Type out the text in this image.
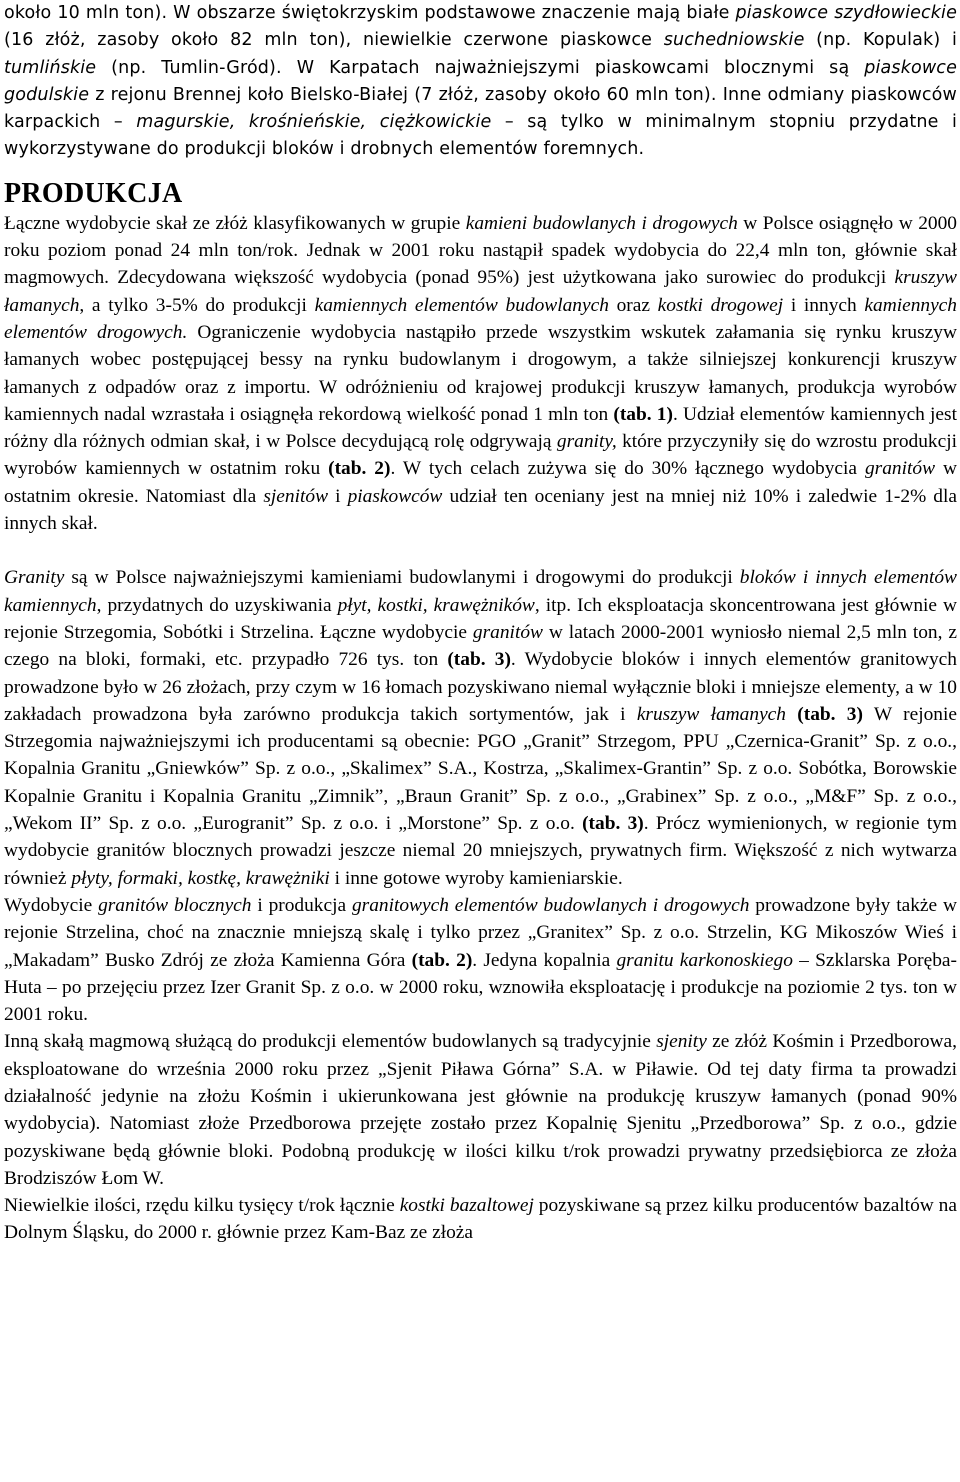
około 10 mln ton). W obszarze świętokrzyskim podstawowe znaczenie mają białe piaskowce szydłowieckie (16 złóż, zasoby około 82 mln ton), niewielkie czerwone piaskowce suchedniowskie (np. Kopulak) i tumlińskie (np. Tumlin-Gród). W Karpatach najważniejszymi piaskowcami blocznymi są piaskowce godulskie z rejonu Brennej koło Bielsko-Białej (7 złóż, zasoby około 60 mln ton). Inne odmiany piaskowców karpackich – magurskie, krośnieńskie, ciężkowickie – są tylko w minimalnym stopniu przydatne i wykorzystywane do produkcji bloków i drobnych elementów foremnych.

PRODUKCJA

Łączne wydobycie skał ze złóż klasyfikowanych w grupie kamieni budowlanych i drogowych w Polsce osiągnęło w 2000 roku poziom ponad 24 mln ton/rok. Jednak w 2001 roku nastąpił spadek wydobycia do 22,4 mln ton, głównie skał magmowych. Zdecydowana większość wydobycia (ponad 95%) jest użytkowana jako surowiec do produkcji kruszyw łamanych, a tylko 3-5% do produkcji kamiennych elementów budowlanych oraz kostki drogowej i innych kamiennych elementów drogowych. Ograniczenie wydobycia nastąpiło przede wszystkim wskutek załamania się rynku kruszyw łamanych wobec postępującej bessy na rynku budowlanym i drogowym, a także silniejszej konkurencji kruszyw łamanych z odpadów oraz z importu. W odróżnieniu od krajowej produkcji kruszyw łamanych, produkcja wyrobów kamiennych nadal wzrastała i osiągnęła rekordową wielkość ponad 1 mln ton (tab. 1). Udział elementów kamiennych jest różny dla różnych odmian skał, i w Polsce decydującą rolę odgrywają granity, które przyczyniły się do wzrostu produkcji wyrobów kamiennych w ostatnim roku (tab. 2). W tych celach zużywa się do 30% łącznego wydobycia granitów w ostatnim okresie. Natomiast dla sjenitów i piaskowców udział ten oceniany jest na mniej niż 10% i zaledwie 1-2% dla innych skał.

Granity są w Polsce najważniejszymi kamieniami budowlanymi i drogowymi do produkcji bloków i innych elementów kamiennych, przydatnych do uzyskiwania płyt, kostki, krawężników, itp. Ich eksploatacja skoncentrowana jest głównie w rejonie Strzegomia, Sobótki i Strzelina. Łączne wydobycie granitów w latach 2000-2001 wyniosło niemal 2,5 mln ton, z czego na bloki, formaki, etc. przypadło 726 tys. ton (tab. 3). Wydobycie bloków i innych elementów granitowych prowadzone było w 26 złożach, przy czym w 16 łomach pozyskiwano niemal wyłącznie bloki i mniejsze elementy, a w 10 zakładach prowadzona była zarówno produkcja takich sortymentów, jak i kruszyw łamanych (tab. 3) W rejonie Strzegomia najważniejszymi ich producentami są obecnie: PGO „Granit” Strzegom, PPU „Czernica-Granit” Sp. z o.o., Kopalnia Granitu „Gniewków” Sp. z o.o., „Skalimex” S.A., Kostrza, „Skalimex-Grantin” Sp. z o.o. Sobótka, Borowskie Kopalnie Granitu i Kopalnia Granitu „Zimnik”, „Braun Granit” Sp. z o.o., „Grabinex” Sp. z o.o., „M&F” Sp. z o.o., „Wekom II” Sp. z o.o. „Eurogranit” Sp. z o.o. i „Morstone” Sp. z o.o. (tab. 3). Prócz wymienionych, w regionie tym wydobycie granitów blocznych prowadzi jeszcze niemal 20 mniejszych, prywatnych firm. Większość z nich wytwarza również płyty, formaki, kostkę, krawężniki i inne gotowe wyroby kamieniarskie.

Wydobycie granitów blocznych i produkcja granitowych elementów budowlanych i drogowych prowadzone były także w rejonie Strzelina, choć na znacznie mniejszą skalę i tylko przez „Granitex” Sp. z o.o. Strzelin, KG Mikoszów Wieś i „Makadam” Busko Zdrój ze złoża Kamienna Góra (tab. 2). Jedyna kopalnia granitu karkonoskiego – Szklarska Poręba-Huta – po przejęciu przez Izer Granit Sp. z o.o. w 2000 roku, wznowiła eksploatację i produkcje na poziomie 2 tys. ton w 2001 roku.

Inną skałą magmową służącą do produkcji elementów budowlanych są tradycyjnie sjenity ze złóż Kośmin i Przedborowa, eksploatowane do września 2000 roku przez „Sjenit Piława Górna” S.A. w Piławie. Od tej daty firma ta prowadzi działalność jedynie na złożu Kośmin i ukierunkowana jest głównie na produkcję kruszyw łamanych (ponad 90% wydobycia). Natomiast złoże Przedborowa przejęte zostało przez Kopalnię Sjenitu „Przedborowa” Sp. z o.o., gdzie pozyskiwane będą głównie bloki. Podobną produkcję w ilości kilku t/rok prowadzi prywatny przedsiębiorca ze złoża Brodziszów Łom W.

Niewielkie ilości, rzędu kilku tysięcy t/rok łącznie kostki bazaltowej pozyskiwane są przez kilku producentów bazaltów na Dolnym Śląsku, do 2000 r. głównie przez Kam-Baz ze złoża
